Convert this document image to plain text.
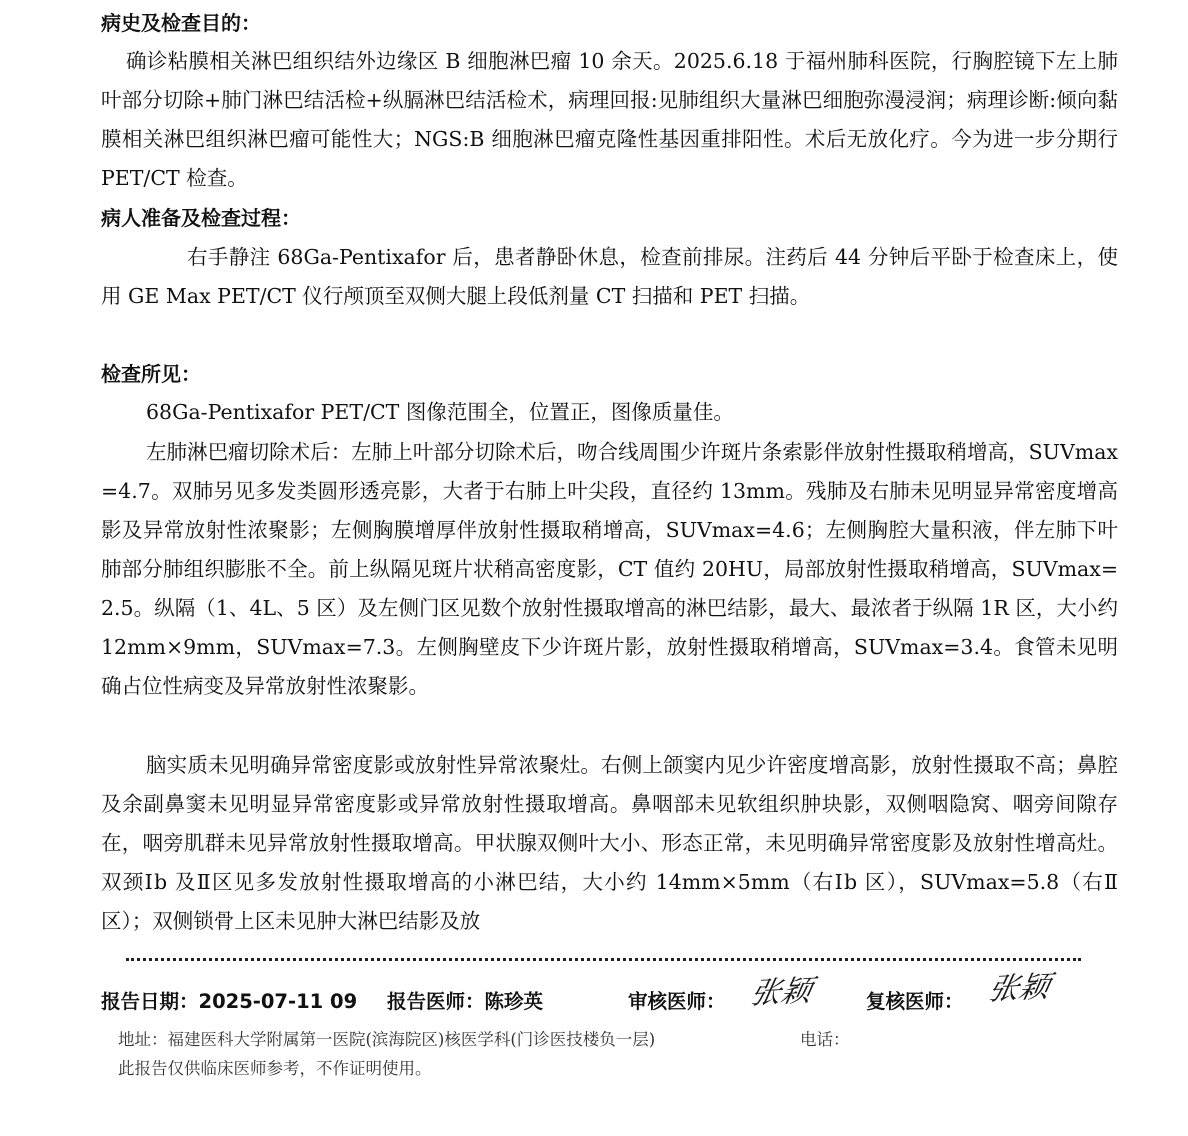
病史及检查目的：
确诊粘膜相关淋巴组织结外边缘区 B 细胞淋巴瘤 10 余天。2025.6.18 于福州肺科医院，行胸腔镜下左上肺叶部分切除+肺门淋巴结活检+纵膈淋巴结活检术，病理回报:见肺组织大量淋巴细胞弥漫浸润；病理诊断:倾向黏膜相关淋巴组织淋巴瘤可能性大；NGS:B 细胞淋巴瘤克隆性基因重排阳性。术后无放化疗。今为进一步分期行 PET/CT 检查。
病人准备及检查过程：
右手静注 68Ga-Pentixafor 后，患者静卧休息，检查前排尿。注药后 44 分钟后平卧于检查床上，使用 GE Max PET/CT 仪行颅顶至双侧大腿上段低剂量 CT 扫描和 PET 扫描。
检查所见：
68Ga-Pentixafor PET/CT 图像范围全，位置正，图像质量佳。
左肺淋巴瘤切除术后：左肺上叶部分切除术后，吻合线周围少许斑片条索影伴放射性摄取稍增高，SUVmax=4.7。双肺另见多发类圆形透亮影，大者于右肺上叶尖段，直径约 13mm。残肺及右肺未见明显异常密度增高影及异常放射性浓聚影；左侧胸膜增厚伴放射性摄取稍增高，SUVmax=4.6；左侧胸腔大量积液，伴左肺下叶肺部分肺组织膨胀不全。前上纵隔见斑片状稍高密度影，CT 值约 20HU，局部放射性摄取稍增高，SUVmax=2.5。纵隔（1、4L、5 区）及左侧门区见数个放射性摄取增高的淋巴结影，最大、最浓者于纵隔 1R 区，大小约 12mm×9mm，SUVmax=7.3。左侧胸壁皮下少许斑片影，放射性摄取稍增高，SUVmax=3.4。食管未见明确占位性病变及异常放射性浓聚影。
脑实质未见明确异常密度影或放射性异常浓聚灶。右侧上颌窦内见少许密度增高影，放射性摄取不高；鼻腔及余副鼻窦未见明显异常密度影或异常放射性摄取增高。鼻咽部未见软组织肿块影，双侧咽隐窝、咽旁间隙存在，咽旁肌群未见异常放射性摄取增高。甲状腺双侧叶大小、形态正常，未见明确异常密度影及放射性增高灶。双颈Ⅰb 及Ⅱ区见多发放射性摄取增高的小淋巴结，大小约 14mm×5mm（右Ⅰb 区），SUVmax=5.8（右Ⅱ区）；双侧锁骨上区未见肿大淋巴结影及放
报告日期：2025-07-11 09 报告医师：陈珍英	审核医师： 张颖	复核医师： 张颖
地址：福建医科大学附属第一医院(滨海院区)核医学科(门诊医技楼负一层)	电话：
此报告仅供临床医师参考，不作证明使用。
